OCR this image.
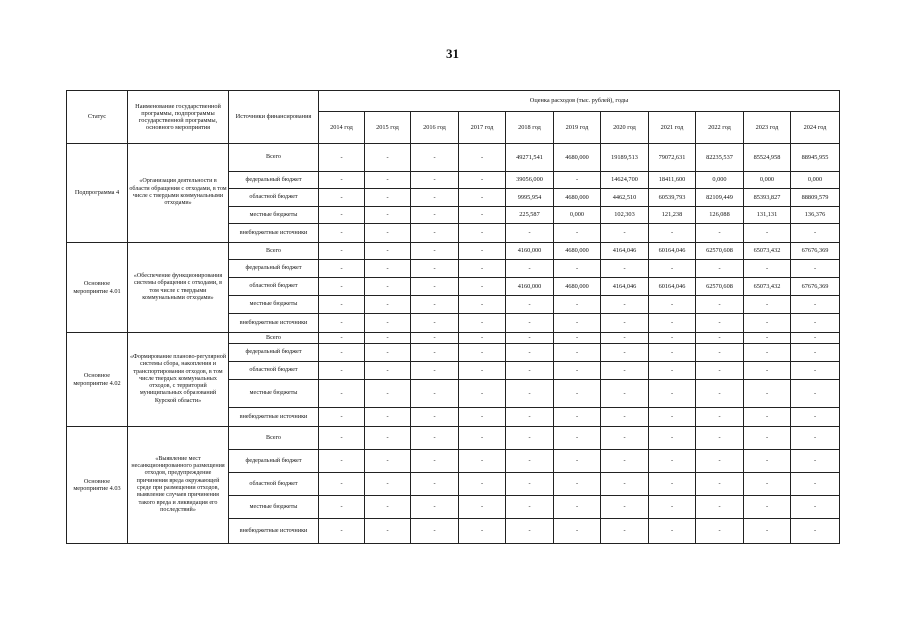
31
Статус	Наименование государственной программы, подпрограммы государственной программы, основного мероприятия	Источники финансирования	Оценка расходов (тыс. рублей), годы										
			2014 год	2015 год	2016 год	2017 год	2018 год	2019 год	2020 год	2021 год	2022 год	2023 год	2024 год
Подпрограмма 4	«Организация деятельности в области обращения с отходами, в том числе с твердыми коммунальными отходами»	Всего	-	-	-	-	49271,541	4680,000	19189,513	79072,631	82235,537	85524,958	88945,955
		федеральный бюджет	-	-	-	-	39056,000	-	14624,700	18411,600	0,000	0,000	0,000
		областной бюджет	-	-	-	-	9995,954	4680,000	4462,510	60539,793	82109,449	85393,827	88809,579
		местные бюджеты	-	-	-	-	225,587	0,000	102,303	121,238	126,088	131,131	136,376
		внебюджетные источники	-	-	-	-	-	-	-	-	-	-	-
Основное мероприятие 4.01	«Обеспечение функционирования системы обращения с отходами, в том числе с твердыми коммунальными отходами»	Всего	-	-	-	-	4160,000	4680,000	4164,046	60164,046	62570,608	65073,432	67676,369
		федеральный бюджет	-	-	-	-	-	-	-	-	-	-	-
		областной бюджет	-	-	-	-	4160,000	4680,000	4164,046	60164,046	62570,608	65073,432	67676,369
		местные бюджеты	-	-	-	-	-	-	-	-	-	-	-
		внебюджетные источники	-	-	-	-	-	-	-	-	-	-	-
Основное мероприятие 4.02	«Формирование планово-регулярной системы сбора, накопления и транспортирования отходов, в том числе твердых коммунальных отходов, с территорий муниципальных образований Курской области»	Всего	-	-	-	-	-	-	-	-	-	-	-
		федеральный бюджет	-	-	-	-	-	-	-	-	-	-	-
		областной бюджет	-	-	-	-	-	-	-	-	-	-	-
		местные бюджеты	-	-	-	-	-	-	-	-	-	-	-
		внебюджетные источники	-	-	-	-	-	-	-	-	-	-	-
Основное мероприятие 4.03	«Выявление мест несанкционированного размещения отходов, предупреждение причинения вреда окружающей среде при размещении отходов, выявление случаев причинения такого вреда и ликвидация его последствий»	Всего	-	-	-	-	-	-	-	-	-	-	-
		федеральный бюджет	-	-	-	-	-	-	-	-	-	-	-
		областной бюджет	-	-	-	-	-	-	-	-	-	-	-
		местные бюджеты	-	-	-	-	-	-	-	-	-	-	-
		внебюджетные источники	-	-	-	-	-	-	-	-	-	-	-
